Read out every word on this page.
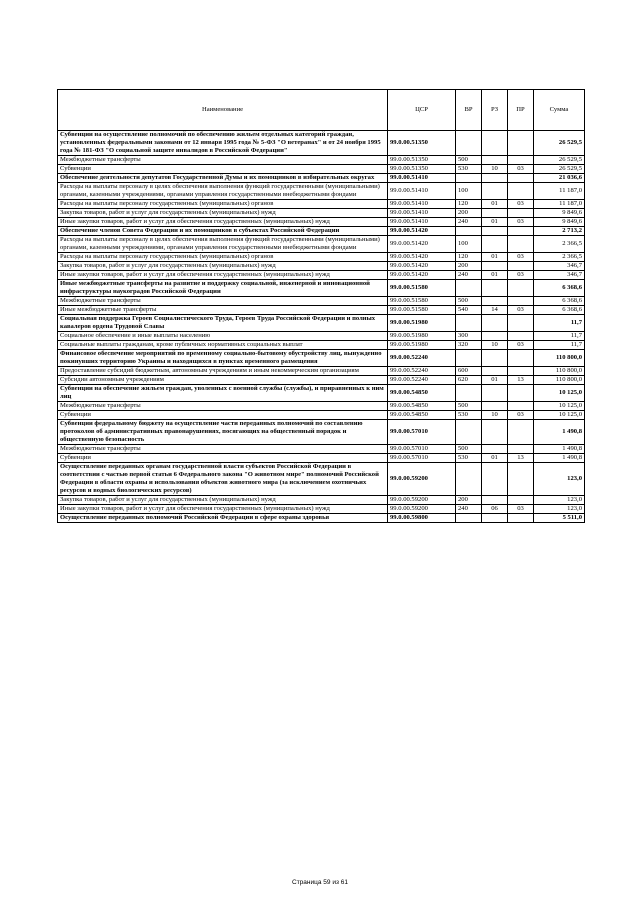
Наименование	ЦСР	ВР	РЗ	ПР	Сумма
Субвенции на осуществление полномочий по обеспечению жильем отдельных категорий граждан, установленных федеральными законами от 12 января 1995 года № 5-ФЗ "О ветеранах" и от 24 ноября 1995 года № 181-ФЗ "О социальной защите инвалидов в Российской Федерации"	99.0.00.51350				26 529,5
Межбюджетные трансферты	99.0.00.51350	500			26 529,5
Субвенции	99.0.00.51350	530	10	03	26 529,5
Обеспечение деятельности депутатов Государственной Думы и их помощников в избирательных округах	99.0.00.51410				21 036,6
Расходы на выплаты персоналу в целях обеспечения выполнения функций государственными (муниципальными) органами, казенными учреждениями, органами управления государственными внебюджетными фондами	99.0.00.51410	100			11 187,0
Расходы на выплаты персоналу государственных (муниципальных) органов	99.0.00.51410	120	01	03	11 187,0
Закупка товаров, работ и услуг для государственных (муниципальных) нужд	99.0.00.51410	200			9 849,6
Иные закупки товаров, работ и услуг для обеспечения государственных (муниципальных) нужд	99.0.00.51410	240	01	03	9 849,6
Обеспечение членов Совета Федерации и их помощников в субъектах Российской Федерации	99.0.00.51420				2 713,2
Расходы на выплаты персоналу в целях обеспечения выполнения функций государственными (муниципальными) органами, казенными учреждениями, органами управления государственными внебюджетными фондами	99.0.00.51420	100			2 366,5
Расходы на выплаты персоналу государственных (муниципальных) органов	99.0.00.51420	120	01	03	2 366,5
Закупка товаров, работ и услуг для государственных (муниципальных) нужд	99.0.00.51420	200			346,7
Иные закупки товаров, работ и услуг для обеспечения государственных (муниципальных) нужд	99.0.00.51420	240	01	03	346,7
Иные межбюджетные трансферты на развитие и поддержку социальной, инженерной и инновационной инфраструктуры наукоградов Российской Федерации	99.0.00.51580				6 368,6
Межбюджетные трансферты	99.0.00.51580	500			6 368,6
Иные межбюджетные трансферты	99.0.00.51580	540	14	03	6 368,6
Социальная поддержка Героев Социалистического Труда, Героев Труда Российской Федерации и полных кавалеров ордена Трудовой Славы	99.0.00.51980				11,7
Социальное обеспечение и иные выплаты населению	99.0.00.51980	300			11,7
Социальные выплаты гражданам, кроме публичных нормативных социальных выплат	99.0.00.51980	320	10	03	11,7
Финансовое обеспечение мероприятий по временному социально-бытовому обустройству лиц, вынужденно покинувших территорию Украины и находящихся в пунктах временного размещения	99.0.00.52240				110 800,0
Предоставление субсидий бюджетным, автономным учреждениям и иным некоммерческим организациям	99.0.00.52240	600			110 800,0
Субсидии автономным учреждениям	99.0.00.52240	620	01	13	110 800,0
Субвенции на обеспечение жильем граждан, уволенных с военной службы (службы), и приравненных к ним лиц	99.0.00.54850				10 125,0
Межбюджетные трансферты	99.0.00.54850	500			10 125,0
Субвенции	99.0.00.54850	530	10	03	10 125,0
Субвенции федеральному бюджету на осуществление части переданных полномочий по составлению протоколов об административных правонарушениях, посягающих на общественный порядок и общественную безопасность	99.0.00.57010				1 490,8
Межбюджетные трансферты	99.0.00.57010	500			1 490,8
Субвенции	99.0.00.57010	530	01	13	1 490,8
Осуществление переданных органам государственной власти субъектов Российской Федерации в соответствии с частью первой статьи 6 Федерального закона "О животном мире" полномочий Российской Федерации в области охраны и использования объектов животного мира (за исключением охотничьих ресурсов и водных биологических ресурсов)	99.0.00.59200				123,0
Закупка товаров, работ и услуг для государственных (муниципальных) нужд	99.0.00.59200	200			123,0
Иные закупки товаров, работ и услуг для обеспечения государственных (муниципальных) нужд	99.0.00.59200	240	06	03	123,0
Осуществление переданных полномочий Российской Федерации в сфере охраны здоровья	99.0.00.59800				5 511,0
Страница 59 из 61
